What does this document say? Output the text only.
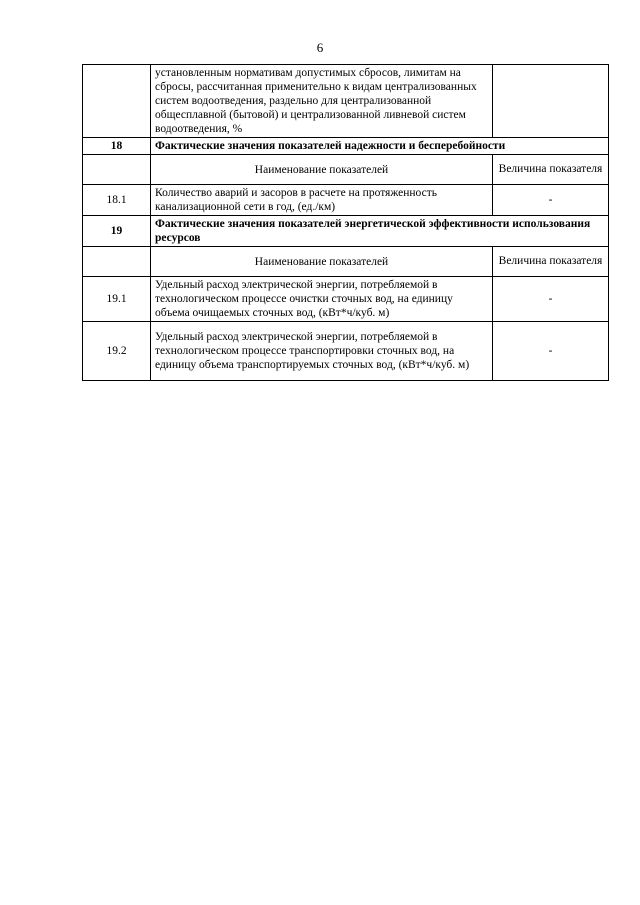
6
	установленным нормативам допустимых сбросов, лимитам на сбросы, рассчитанная применительно к видам централизованных систем водоотведения, раздельно для централизованной общесплавной (бытовой) и централизованной ливневой систем водоотведения, %	
18	Фактические значения показателей надежности и бесперебойности	
	Наименование показателей	Величина показателя
18.1	Количество аварий и засоров в расчете на протяженность канализационной сети в год, (ед./км)	-
19	Фактические значения показателей энергетической эффективности использования ресурсов	
	Наименование показателей	Величина показателя
19.1	Удельный расход электрической энергии, потребляемой в технологическом процессе очистки сточных вод, на единицу объема очищаемых сточных вод, (кВт*ч/куб. м)	-
19.2	Удельный расход электрической энергии, потребляемой в технологическом процессе транспортировки сточных вод, на единицу объема транспортируемых сточных вод, (кВт*ч/куб. м)	-
